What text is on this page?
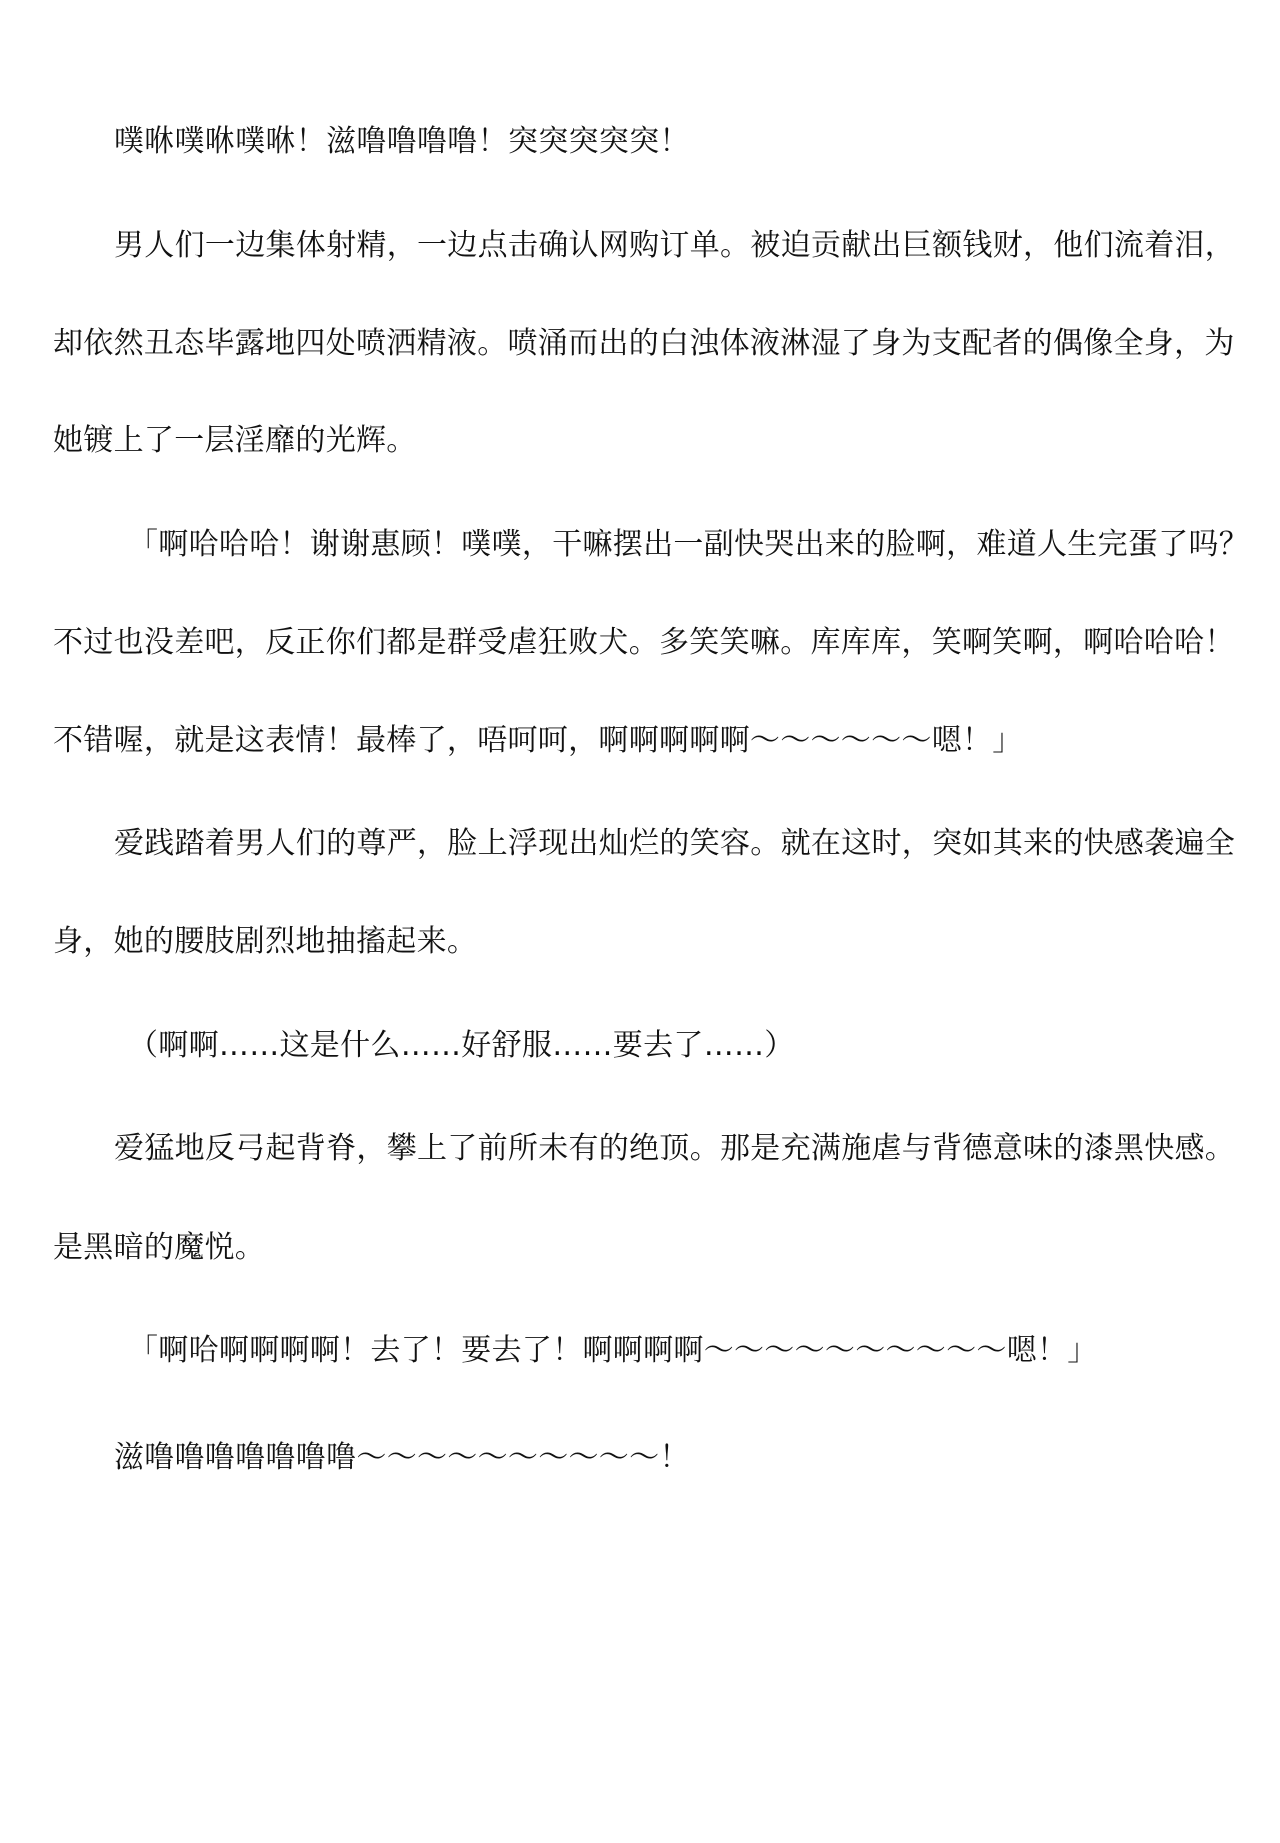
噗咻噗咻噗咻！滋噜噜噜噜！突突突突突！
男人们一边集体射精，一边点击确认网购订单。被迫贡献出巨额钱财，他们流着泪，
却依然丑态毕露地四处喷洒精液。喷涌而出的白浊体液淋湿了身为支配者的偶像全身，为
她镀上了一层淫靡的光辉。
「啊哈哈哈！谢谢惠顾！噗噗，干嘛摆出一副快哭出来的脸啊，难道人生完蛋了吗？
不过也没差吧，反正你们都是群受虐狂败犬。多笑笑嘛。库库库，笑啊笑啊，啊哈哈哈！
不错喔，就是这表情！最棒了，唔呵呵，啊啊啊啊啊～～～～～～嗯！」
爱践踏着男人们的尊严，脸上浮现出灿烂的笑容。就在这时，突如其来的快感袭遍全
身，她的腰肢剧烈地抽搐起来。
（啊啊……这是什么……好舒服……要去了……）
爱猛地反弓起背脊，攀上了前所未有的绝顶。那是充满施虐与背德意味的漆黑快感。
是黑暗的魔悦。
「啊哈啊啊啊啊！去了！要去了！啊啊啊啊～～～～～～～～～～嗯！」
滋噜噜噜噜噜噜噜～～～～～～～～～～！
